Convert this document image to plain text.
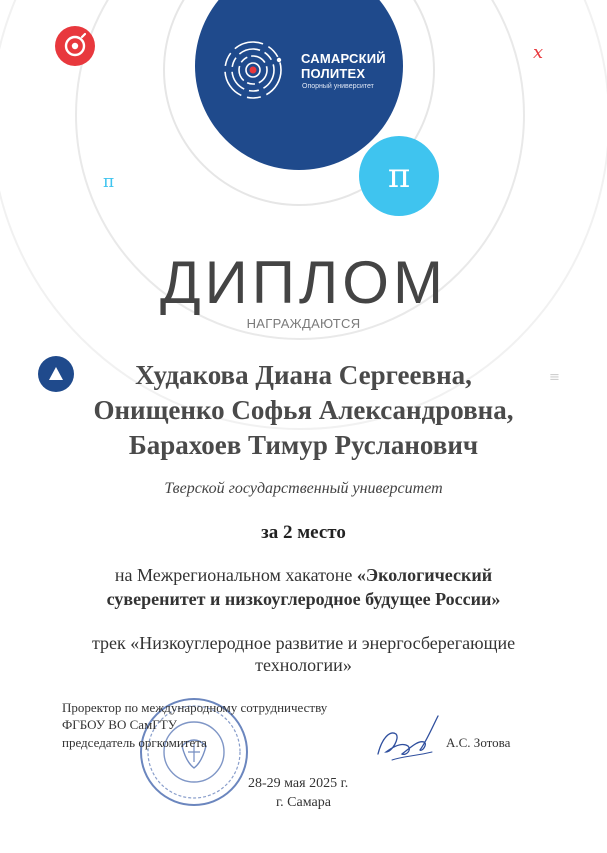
САМАРСКИЙ
ПОЛИТЕХ
Опорный университет
π
x
π
≡
ДИПЛОМ
НАГРАЖДАЮТСЯ
Худакова Диана Сергеевна,
Онищенко Софья Александровна,
Барахоев Тимур Русланович
Тверской государственный университет
за 2 место
на Межрегиональном хакатоне «Экологический
суверенитет и низкоуглеродное будущее России»
трек «Низкоуглеродное развитие и энергосберегающие
технологии»
Проректор по международному сотрудничеству
ФГБОУ ВО СамГТУ
председатель оргкомитета	А.С. Зотова
28-29 мая 2025 г.
г. Самара
